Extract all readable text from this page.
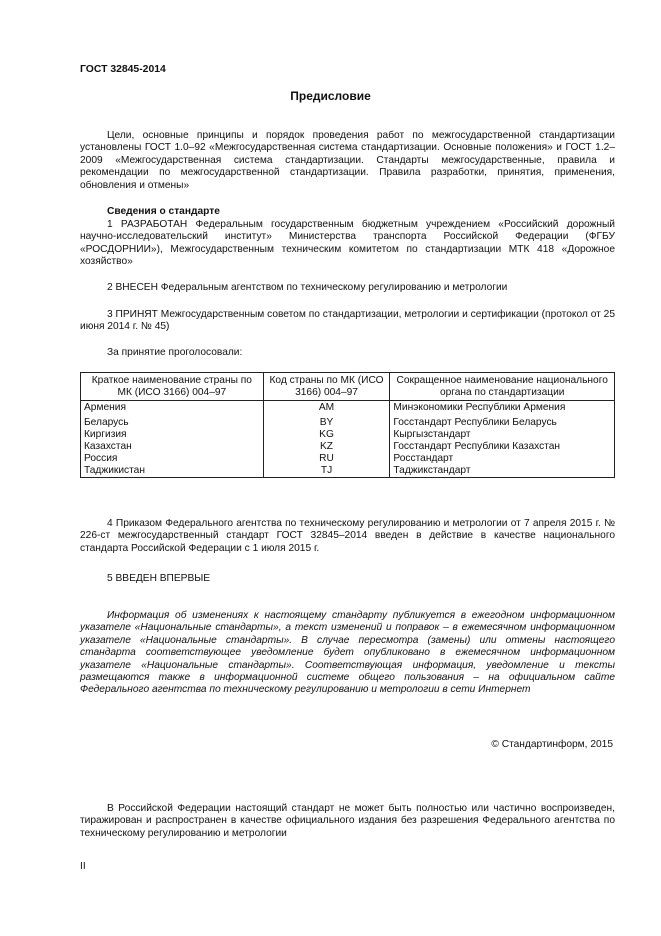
ГОСТ 32845-2014
Предисловие
Цели, основные принципы и порядок проведения работ по межгосударственной стандартизации установлены ГОСТ 1.0–92 «Межгосударственная система стандартизации. Основные положения» и ГОСТ 1.2–2009 «Межгосударственная система стандартизации. Стандарты межгосударственные, правила и рекомендации по межгосударственной стандартизации. Правила разработки, принятия, применения, обновления и отмены»
Сведения о стандарте
1 РАЗРАБОТАН Федеральным государственным бюджетным учреждением «Российский дорожный научно-исследовательский институт» Министерства транспорта Российской Федерации (ФГБУ «РОСДОРНИИ»), Межгосударственным техническим комитетом по стандартизации МТК 418 «Дорожное хозяйство»
2 ВНЕСЕН Федеральным агентством по техническому регулированию и метрологии
3 ПРИНЯТ Межгосударственным советом по стандартизации, метрологии и сертификации (протокол от 25 июня 2014 г. № 45)
За принятие проголосовали:
Краткое наименование страны по МК (ИСО 3166) 004–97	Код страны по МК (ИСО 3166) 004–97	Сокращенное наименование национального органа по стандартизации
Армения	AM	Минэкономики Республики Армения
Беларусь	BY	Госстандарт Республики Беларусь
Киргизия	KG	Кыргызстандарт
Казахстан	KZ	Госстандарт Республики Казахстан
Россия	RU	Росстандарт
Таджикистан	TJ	Таджикстандарт
4 Приказом Федерального агентства по техническому регулированию и метрологии от 7 апреля 2015 г. № 226-ст межгосударственный стандарт ГОСТ 32845–2014 введен в действие в качестве национального стандарта Российской Федерации с 1 июля 2015 г.
5 ВВЕДЕН ВПЕРВЫЕ
Информация об изменениях к настоящему стандарту публикуется в ежегодном информационном указателе «Национальные стандарты», а текст изменений и поправок – в ежемесячном информационном указателе «Национальные стандарты». В случае пересмотра (замены) или отмены настоящего стандарта соответствующее уведомление будет опубликовано в ежемесячном информационном указателе «Национальные стандарты». Соответствующая информация, уведомление и тексты размещаются также в информационной системе общего пользования – на официальном сайте Федерального агентства по техническому регулированию и метрологии в сети Интернет
© Стандартинформ, 2015
В Российской Федерации настоящий стандарт не может быть полностью или частично воспроизведен, тиражирован и распространен в качестве официального издания без разрешения Федерального агентства по техническому регулированию и метрологии
II
